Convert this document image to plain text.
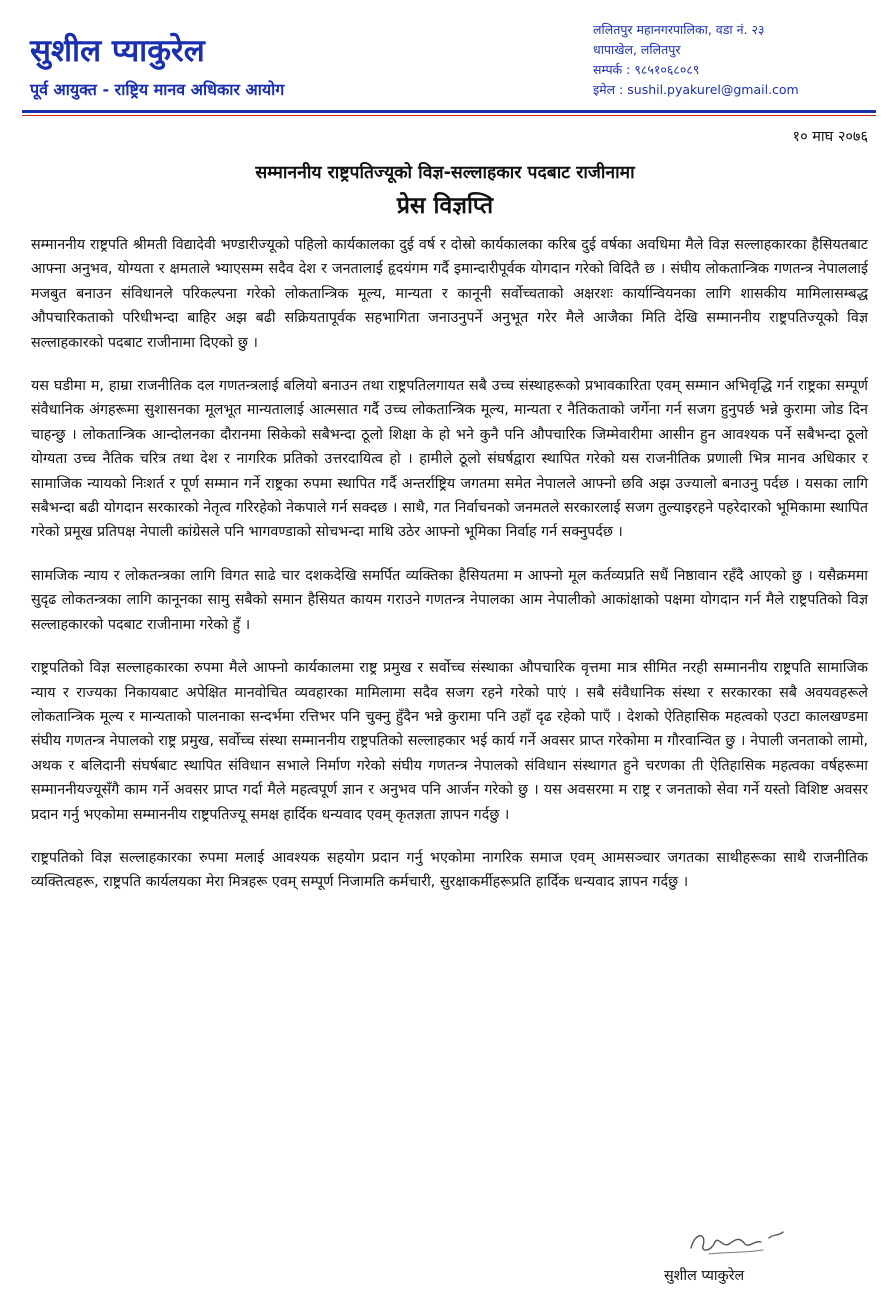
सुशील प्याकुरेल
पूर्व आयुक्त - राष्ट्रिय मानव अधिकार आयोग
ललितपुर महानगरपालिका, वडा नं. २३
धापाखेल, ललितपुर
सम्पर्क : ९८५१०६८०८९
इमेल : sushil.pyakurel@gmail.com
१० माघ २०७६
सम्माननीय राष्ट्रपतिज्यूको विज्ञ-सल्लाहकार पदबाट राजीनामा
प्रेस विज्ञप्ति

सम्माननीय राष्ट्रपति श्रीमती विद्यादेवी भण्डारीज्यूको पहिलो कार्यकालका दुई वर्ष र दोस्रो कार्यकालका करिब दुई वर्षका अवधिमा मैले विज्ञ सल्लाहकारका हैसियतबाट आफ्ना अनुभव, योग्यता र क्षमताले भ्याएसम्म सदैव देश र जनतालाई हृदयंगम गर्दै इमान्दारीपूर्वक योगदान गरेको विदितै छ । संघीय लोकतान्त्रिक गणतन्त्र नेपाललाई मजबुत बनाउन संविधानले परिकल्पना गरेको लोकतान्त्रिक मूल्य, मान्यता र कानूनी सर्वोच्चताको अक्षरशः कार्यान्वियनका लागि शासकीय मामिलासम्बद्ध औपचारिकताको परिधीभन्दा बाहिर अझ बढी सक्रियतापूर्वक सहभागिता जनाउनुपर्ने अनुभूत गरेर मैले आजैका मिति देखि सम्माननीय राष्ट्रपतिज्यूको विज्ञ सल्लाहकारको पदबाट राजीनामा दिएको छु ।

यस घडीमा म, हाम्रा राजनीतिक दल गणतन्त्रलाई बलियो बनाउन तथा राष्ट्रपतिलगायत सबै उच्च संस्थाहरूको प्रभावकारिता एवम् सम्मान अभिवृद्धि गर्न राष्ट्रका सम्पूर्ण संवैधानिक अंगहरूमा सुशासनका मूलभूत मान्यतालाई आत्मसात गर्दै उच्च लोकतान्त्रिक मूल्य, मान्यता र नैतिकताको जर्गेना गर्न सजग हुनुपर्छ भन्ने कुरामा जोड दिन चाहन्छु । लोकतान्त्रिक आन्दोलनका दौरानमा सिकेको सबैभन्दा ठूलो शिक्षा के हो भने कुनै पनि औपचारिक जिम्मेवारीमा आसीन हुन आवश्यक पर्ने सबैभन्दा ठूलो योग्यता उच्च नैतिक चरित्र तथा देश र नागरिक प्रतिको उत्तरदायित्व हो । हामीले ठूलो संघर्षद्वारा स्थापित गरेको यस राजनीतिक प्रणाली भित्र मानव अधिकार र सामाजिक न्यायको निःशर्त र पूर्ण सम्मान गर्ने राष्ट्रका रुपमा स्थापित गर्दै अन्तर्राष्ट्रिय जगतमा समेत नेपालले आफ्नो छवि अझ उज्यालो बनाउनु पर्दछ । यसका लागि सबैभन्दा बढी योगदान सरकारको नेतृत्व गरिरहेको नेकपाले गर्न सक्दछ । साथै, गत निर्वाचनको जनमतले सरकारलाई सजग तुल्याइरहने पहरेदारको भूमिकामा स्थापित गरेको प्रमूख प्रतिपक्ष नेपाली कांग्रेसले पनि भागवण्डाको सोचभन्दा माथि उठेर आफ्नो भूमिका निर्वाह गर्न सक्नुपर्दछ ।

सामजिक न्याय र लोकतन्त्रका लागि विगत साढे चार दशकदेखि समर्पित व्यक्तिका हैसियतमा म आफ्नो मूल कर्तव्यप्रति सधैं निष्ठावान रहँदै आएको छु । यसैक्रममा सुदृढ लोकतन्त्रका लागि कानूनका सामु सबैको समान हैसियत कायम गराउने गणतन्त्र नेपालका आम नेपालीको आकांक्षाको पक्षमा योगदान गर्न मैले राष्ट्रपतिको विज्ञ सल्लाहकारको पदबाट राजीनामा गरेको हुँ ।

राष्ट्रपतिको विज्ञ सल्लाहकारका रुपमा मैले आफ्नो कार्यकालमा राष्ट्र प्रमुख र सर्वोच्च संस्थाका औपचारिक वृत्तमा मात्र सीमित नरही सम्माननीय राष्ट्रपति सामाजिक न्याय र राज्यका निकायबाट अपेक्षित मानवोचित व्यवहारका मामिलामा सदैव सजग रहने गरेको पाएं । सबै संवैधानिक संस्था र सरकारका सबै अवयवहरूले लोकतान्त्रिक मूल्य र मान्यताको पालनाका सन्दर्भमा रत्तिभर पनि चुक्नु हुँदैन भन्ने कुरामा पनि उहाँ दृढ रहेको पाएँ । देशको ऐतिहासिक महत्वको एउटा कालखण्डमा संघीय गणतन्त्र नेपालको राष्ट्र प्रमुख, सर्वोच्च संस्था सम्माननीय राष्ट्रपतिको सल्लाहकार भई कार्य गर्ने अवसर प्राप्त गरेकोमा म गौरवान्वित छु । नेपाली जनताको लामो, अथक र बलिदानी संघर्षबाट स्थापित संविधान सभाले निर्माण गरेको संघीय गणतन्त्र नेपालको संविधान संस्थागत हुने चरणका ती ऐतिहासिक महत्वका वर्षहरूमा सम्माननीयज्यूसँगै काम गर्ने अवसर प्राप्त गर्दा मैले महत्वपूर्ण ज्ञान र अनुभव पनि आर्जन गरेको छु । यस अवसरमा म राष्ट्र र जनताको सेवा गर्ने यस्तो विशिष्ट अवसर प्रदान गर्नु भएकोमा सम्माननीय राष्ट्रपतिज्यू समक्ष हार्दिक धन्यवाद एवम् कृतज्ञता ज्ञापन गर्दछु ।

राष्ट्रपतिको विज्ञ सल्लाहकारका रुपमा मलाई आवश्यक सहयोग प्रदान गर्नु भएकोमा नागरिक समाज एवम् आमसञ्चार जगतका साथीहरूका साथै राजनीतिक व्यक्तित्वहरू, राष्ट्रपति कार्यलयका मेरा मित्रहरू एवम् सम्पूर्ण निजामति कर्मचारी, सुरक्षाकर्मीहरूप्रति हार्दिक धन्यवाद ज्ञापन गर्दछु ।

सुशील प्याकुरेल
